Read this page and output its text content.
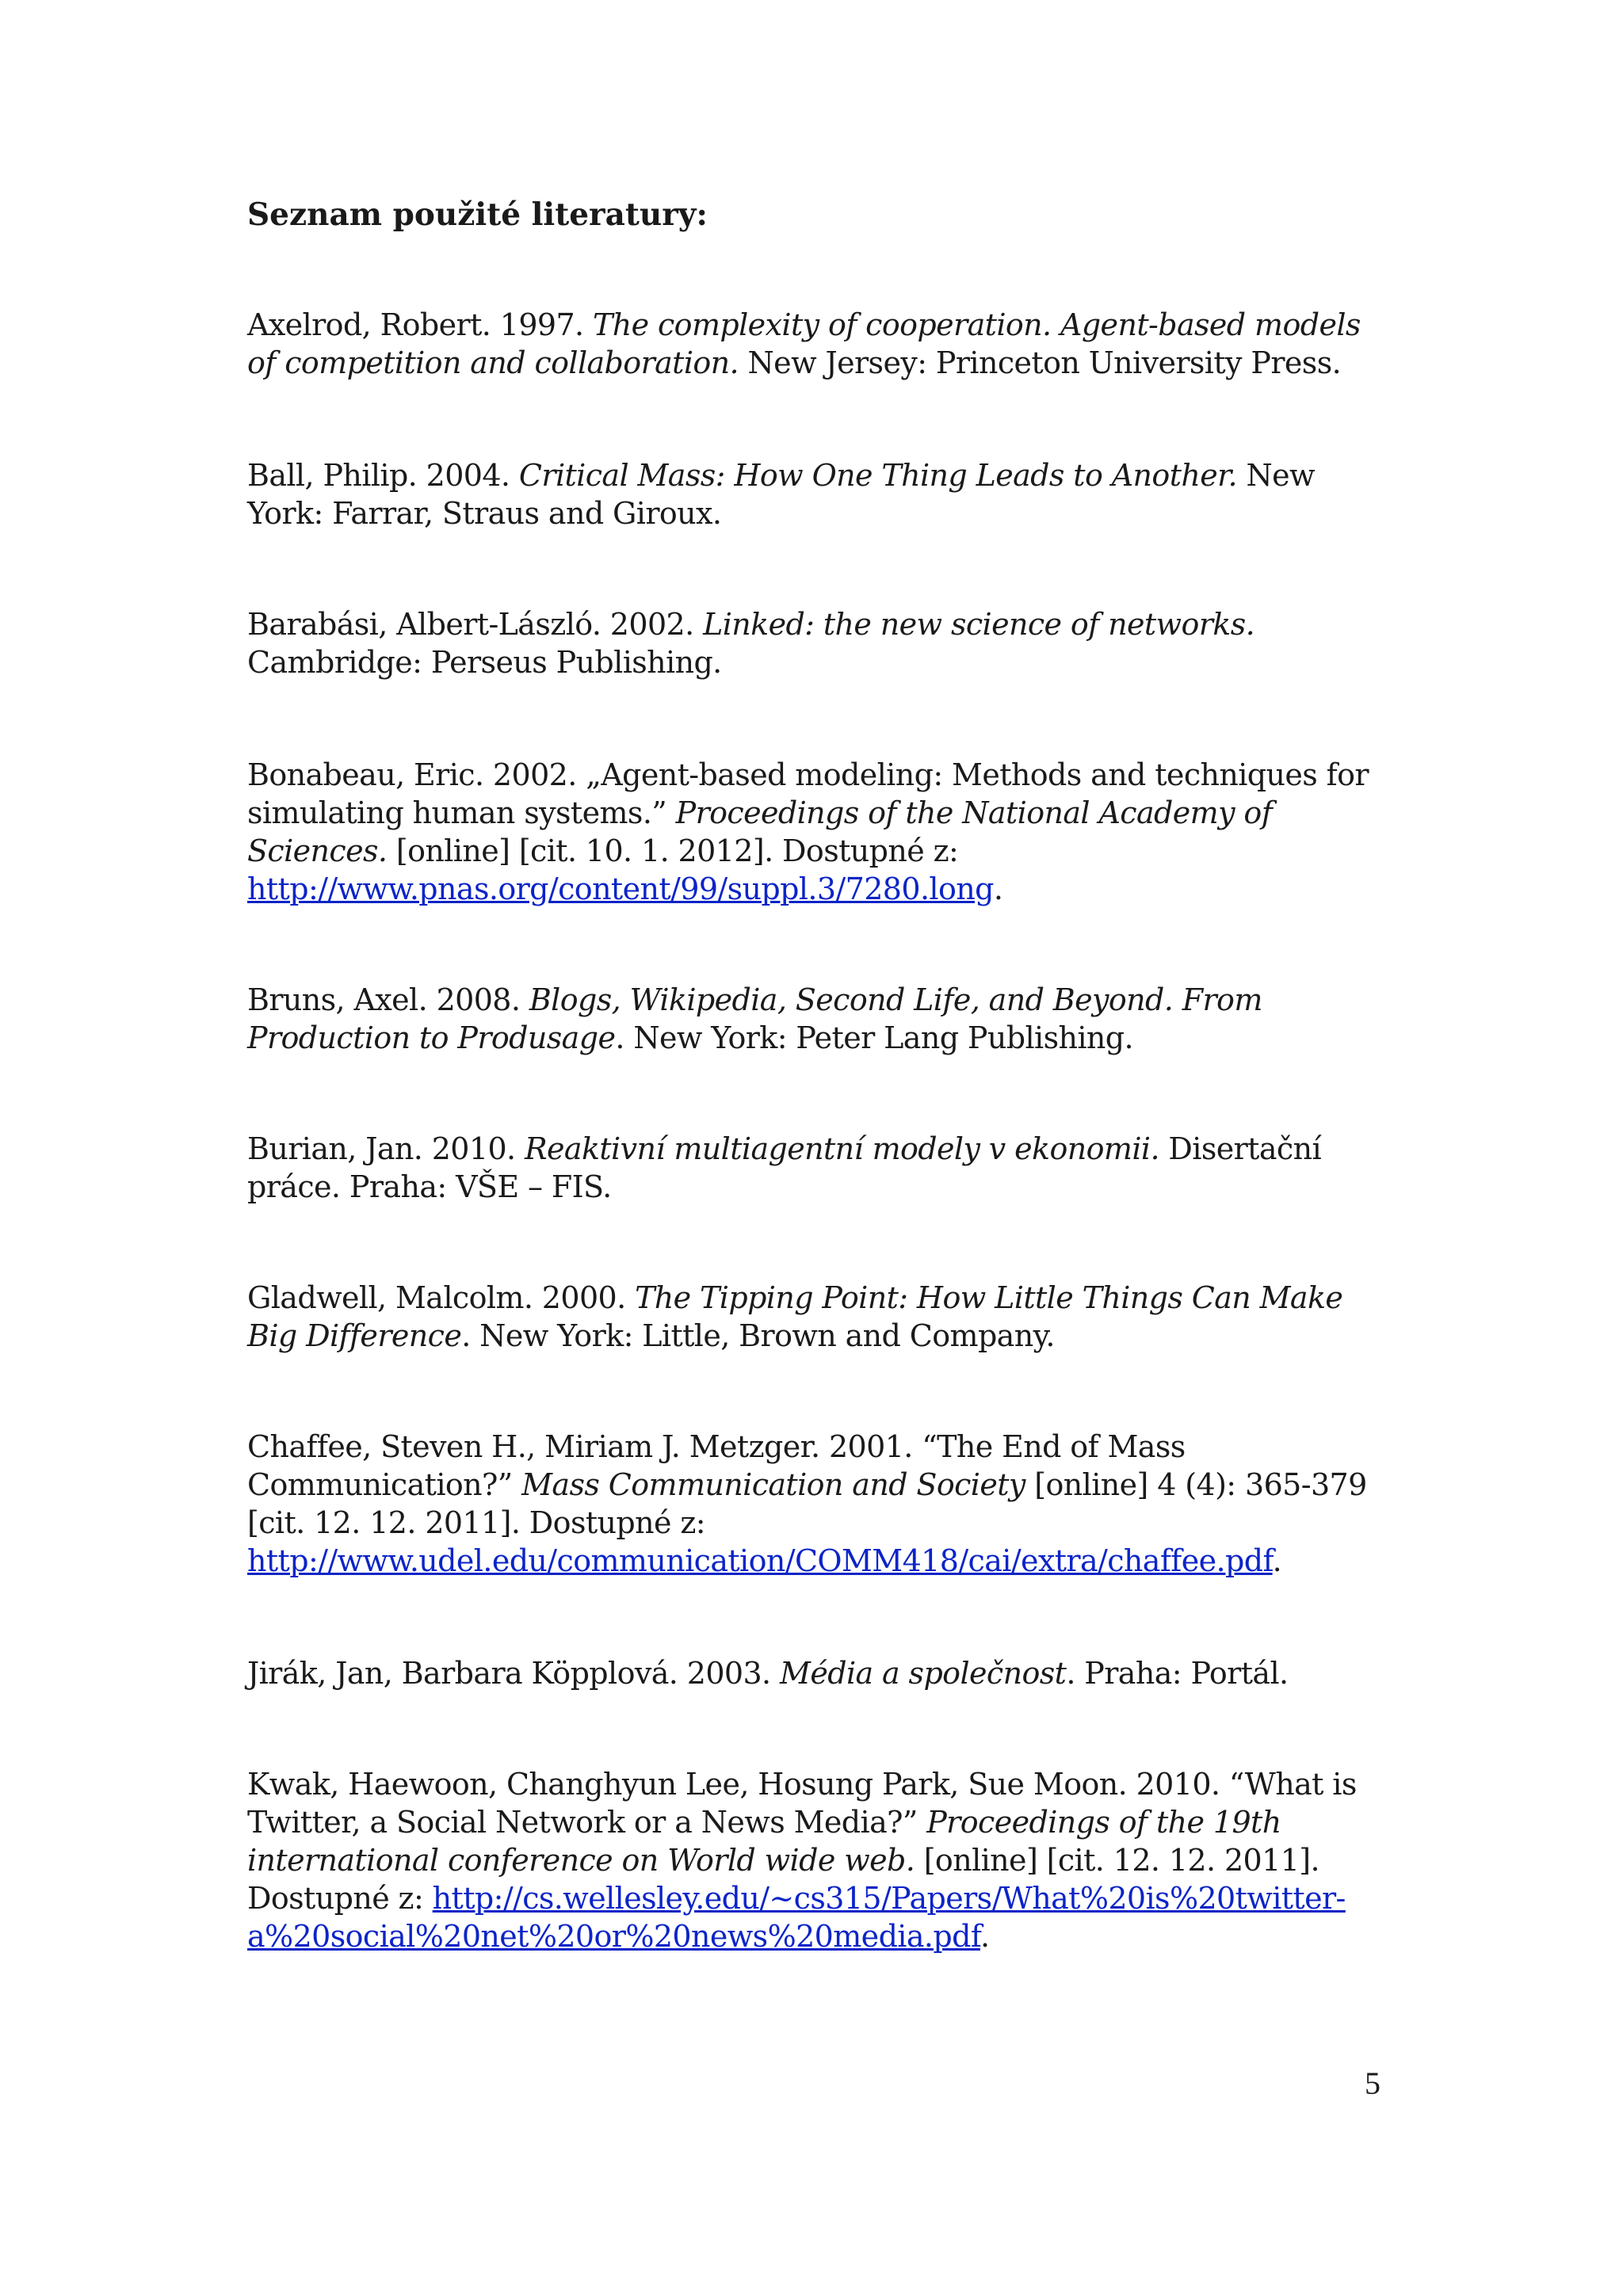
Seznam použité literatury:

Axelrod, Robert. 1997. The complexity of cooperation. Agent-based models of competition and collaboration. New Jersey: Princeton University Press.

Ball, Philip. 2004. Critical Mass: How One Thing Leads to Another. New York: Farrar, Straus and Giroux.

Barabási, Albert-László. 2002. Linked: the new science of networks. Cambridge: Perseus Publishing.

Bonabeau, Eric. 2002. „Agent-based modeling: Methods and techniques for simulating human systems.” Proceedings of the National Academy of Sciences. [online] [cit. 10. 1. 2012]. Dostupné z:
http://www.pnas.org/content/99/suppl.3/7280.long.

Bruns, Axel. 2008. Blogs, Wikipedia, Second Life, and Beyond. From Production to Produsage. New York: Peter Lang Publishing.

Burian, Jan. 2010. Reaktivní multiagentní modely v ekonomii. Disertační práce. Praha: VŠE – FIS.

Gladwell, Malcolm. 2000. The Tipping Point: How Little Things Can Make Big Difference. New York: Little, Brown and Company.

Chaffee, Steven H., Miriam J. Metzger. 2001. “The End of Mass Communication?” Mass Communication and Society [online] 4 (4): 365-379 [cit. 12. 12. 2011]. Dostupné z:
http://www.udel.edu/communication/COMM418/cai/extra/chaffee.pdf.

Jirák, Jan, Barbara Köpplová. 2003. Média a společnost. Praha: Portál.

Kwak, Haewoon, Changhyun Lee, Hosung Park, Sue Moon. 2010. “What is Twitter, a Social Network or a News Media?” Proceedings of the 19th international conference on World wide web. [online] [cit. 12. 12. 2011]. Dostupné z: http://cs.wellesley.edu/~cs315/Papers/What%20is%20twitter-a%20social%20net%20or%20news%20media.pdf.

5
